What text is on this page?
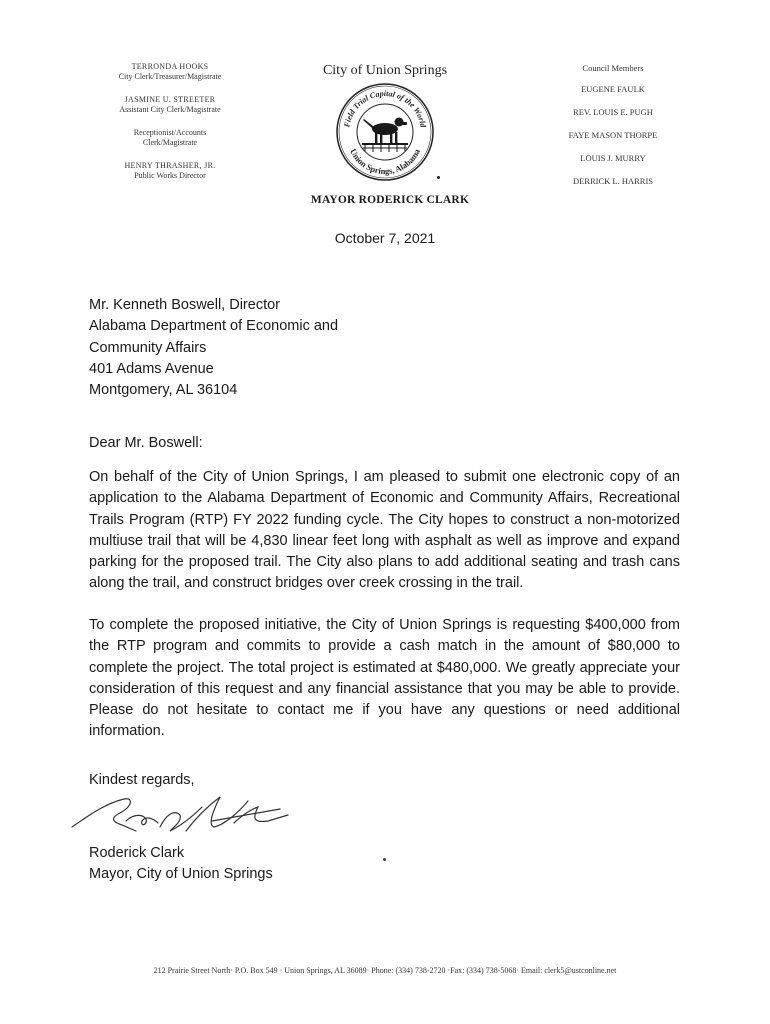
TERRONDA HOOKS
City Clerk/Treasurer/Magistrate
JASMINE U. STREETER
Assistant City Clerk/Magistrate
Receptionist/Accounts Clerk/Magistrate
HENRY THRASHER, JR.
Public Works Director
City of Union Springs
Field Trial Capital of the World
Union Springs, Alabama
MAYOR RODERICK CLARK
Council Members
EUGENE FAULK
REV. LOUIS E. PUGH
FAYE MASON THORPE
LOUIS J. MURRY
DERRICK L. HARRIS
October 7, 2021
Mr. Kenneth Boswell, Director
Alabama Department of Economic and
Community Affairs
401 Adams Avenue
Montgomery, AL 36104
Dear Mr. Boswell:
On behalf of the City of Union Springs, I am pleased to submit one electronic copy of an application to the Alabama Department of Economic and Community Affairs, Recreational Trails Program (RTP) FY 2022 funding cycle. The City hopes to construct a non-motorized multiuse trail that will be 4,830 linear feet long with asphalt as well as improve and expand parking for the proposed trail. The City also plans to add additional seating and trash cans along the trail, and construct bridges over creek crossing in the trail.
To complete the proposed initiative, the City of Union Springs is requesting $400,000 from the RTP program and commits to provide a cash match in the amount of $80,000 to complete the project. The total project is estimated at $480,000. We greatly appreciate your consideration of this request and any financial assistance that you may be able to provide. Please do not hesitate to contact me if you have any questions or need additional information.
Kindest regards,
Roderick Clark
Mayor, City of Union Springs
212 Prairie Street North· P.O. Box 549 · Union Springs, AL 36089· Phone: (334) 738-2720 ·Fax: (334) 738-5068· Email: clerk5@ustconline.net
